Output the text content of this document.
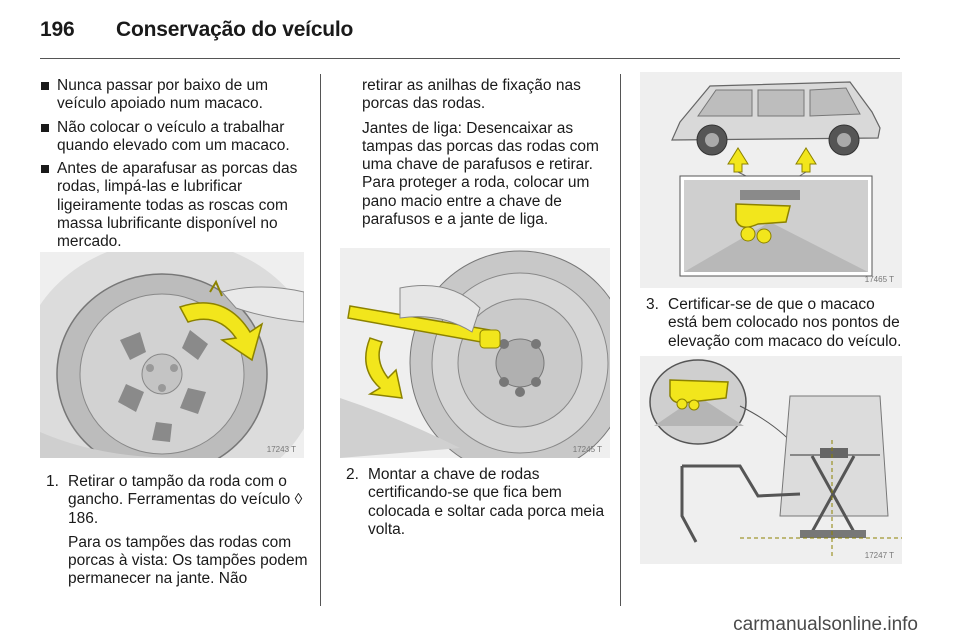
196 Conservação do veículo
Nunca passar por baixo de um veículo apoiado num macaco.
Não colocar o veículo a trabalhar quando elevado com um macaco.
Antes de aparafusar as porcas das rodas, limpá-las e lubrificar ligeiramente todas as roscas com massa lubrificante disponível no mercado.
17243 T
1. Retirar o tampão da roda com o gancho. Ferramentas do veículo ◊ 186.

Para os tampões das rodas com porcas à vista: Os tampões podem permanecer na jante. Não

retirar as anilhas de fixação nas porcas das rodas.

Jantes de liga: Desencaixar as tampas das porcas das rodas com uma chave de parafusos e retirar. Para proteger a roda, colocar um pano macio entre a chave de parafusos e a jante de liga.

17245 T
2. Montar a chave de rodas certificando-se que fica bem colocada e soltar cada porca meia volta.

17465 T
3. Certificar-se de que o macaco está bem colocado nos pontos de elevação com macaco do veículo.

17247 T
carmanualsonline.info
